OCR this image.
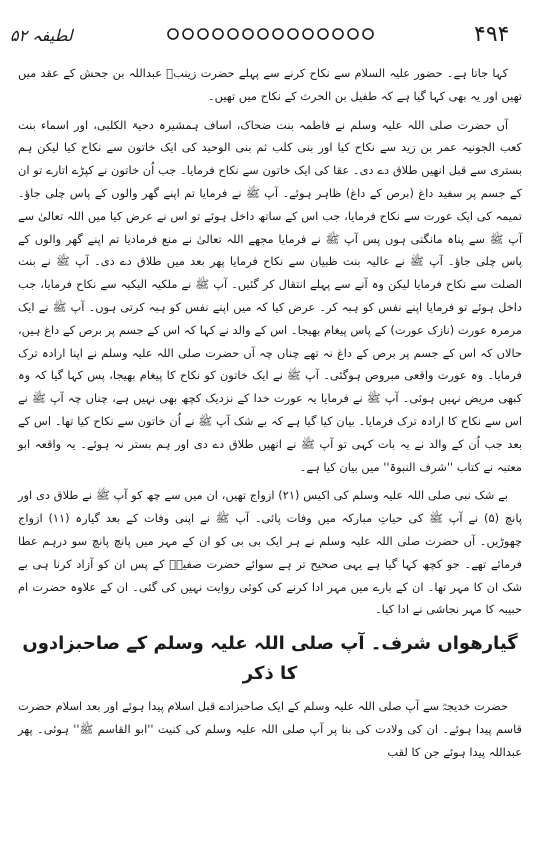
۴۹۴
لطیفہ ۵۲

کہا جاتا ہے۔ حضور علیہ السلام سے نکاح کرنے سے پہلے حضرت زینبؓ عبداللہ بن جحش کے عقد میں تھیں اور یہ بھی کہا گیا ہے کہ طفیل بن الحرث کے نکاح میں تھیں۔

آں حضرت صلی اللہ علیہ وسلم نے فاطمہ بنت ضحاک، اساف ہمشیرہ دحیۃ الکلبی، اور اسماء بنت کعب الجونیہ عمر بن زید سے نکاح کیا اور بنی کلب ثم بنی الوحید کی ایک خاتون سے نکاح کیا لیکن ہم بستری سے قبل انھیں طلاق دے دی۔ عقا کی ایک خاتون سے نکاح فرمایا۔ جب اُن خاتون نے کپڑے اتارے تو ان کے جسم پر سفید داغ (برص کے داغ) ظاہر ہوئے۔ آپ ﷺ نے فرمایا تم اپنے گھر والوں کے پاس چلی جاؤ۔ تمیمہ کی ایک عورت سے نکاح فرمایا، جب اس کے ساتھ داخل ہوئے تو اس نے عرض کیا میں اللہ تعالیٰ سے آپ ﷺ سے پناہ مانگتی ہوں پس آپ ﷺ نے فرمایا مجھے اللہ تعالیٰ نے منع فرمادیا تم اپنے گھر والوں کے پاس چلی جاؤ۔ آپ ﷺ نے عالیہ بنت ظبیان سے نکاح فرمایا پھر بعد میں طلاق دے دی۔ آپ ﷺ نے بنت الصلت سے نکاح فرمایا لیکن وہ آنے سے پہلے انتقال کر گئیں۔ آپ ﷺ نے ملکیہ الیکیہ سے نکاح فرمایا، جب داخل ہوئے تو فرمایا اپنے نفس کو ہبہ کر۔ عرض کیا کہ میں اپنے نفس کو ہبہ کرتی ہوں۔ آپ ﷺ نے ایک مرمرہ عورت (نازک عورت) کے پاس پیغام بھیجا۔ اس کے والد نے کہا کہ اس کے جسم پر برص کے داغ ہیں، حالاں کہ اس کے جسم پر برص کے داغ نہ تھے چناں چہ آں حضرت صلی اللہ علیہ وسلم نے اپنا ارادہ ترک فرمایا۔ وہ عورت واقعی مبروص ہوگئی۔ آپ ﷺ نے ایک خاتون کو نکاح کا پیغام بھیجا، پس کہا گیا کہ وہ کبھی مریض نہیں ہوئی۔ آپ ﷺ نے فرمایا یہ عورت خدا کے نزدیک کچھ بھی نہیں ہے، چناں چہ آپ ﷺ نے اس سے نکاح کا ارادہ ترک فرمایا۔ بیان کیا گیا ہے کہ بے شک آپ ﷺ نے اُن خاتون سے نکاح کیا تھا۔ اس کے بعد جب اُن کے والد نے یہ بات کہی تو آپ ﷺ نے انھیں طلاق دے دی اور ہم بستر نہ ہوئے۔ یہ واقعہ ابو معتبہ نے کتاب ''شرف النبوۃ'' میں بیان کیا ہے۔

بے شک نبی صلی اللہ علیہ وسلم کی اکیس (۲۱) ازواج تھیں، ان میں سے چھ کو آپ ﷺ نے طلاق دی اور پانچ (۵) نے آپ ﷺ کی حیاتِ مبارکہ میں وفات پائی۔ آپ ﷺ نے اپنی وفات کے بعد گیارہ (۱۱) ازواج چھوڑیں۔ آں حضرت صلی اللہ علیہ وسلم نے ہر ایک بی بی کو ان کے مہر میں پانچ پانچ سو درہم عطا فرمائے تھے۔ جو کچھ کہا گیا ہے یہی صحیح تر ہے سوائے حضرت صفیہؓ کے پس ان کو آزاد کرنا ہی بے شک ان کا مہر تھا۔ ان کے بارے میں مہر ادا کرنے کی کوئی روایت نہیں کی گئی۔ ان کے علاوہ حضرت ام حبیبہ کا مہر نجاشی نے ادا کیا۔

گیارھواں شرف۔ آپ صلی اللہ علیہ وسلم کے صاحبزادوں کا ذکر

حضرت خدیجہؓ سے آپ صلی اللہ علیہ وسلم کے ایک صاحبزادے قبل اسلام پیدا ہوئے اور بعد اسلام حضرت قاسم پیدا ہوئے۔ ان کی ولادت کی بنا پر آپ صلی اللہ علیہ وسلم کی کنیت ''ابو القاسم ﷺ'' ہوئی۔ پھر عبداللہ پیدا ہوئے جن کا لقب
